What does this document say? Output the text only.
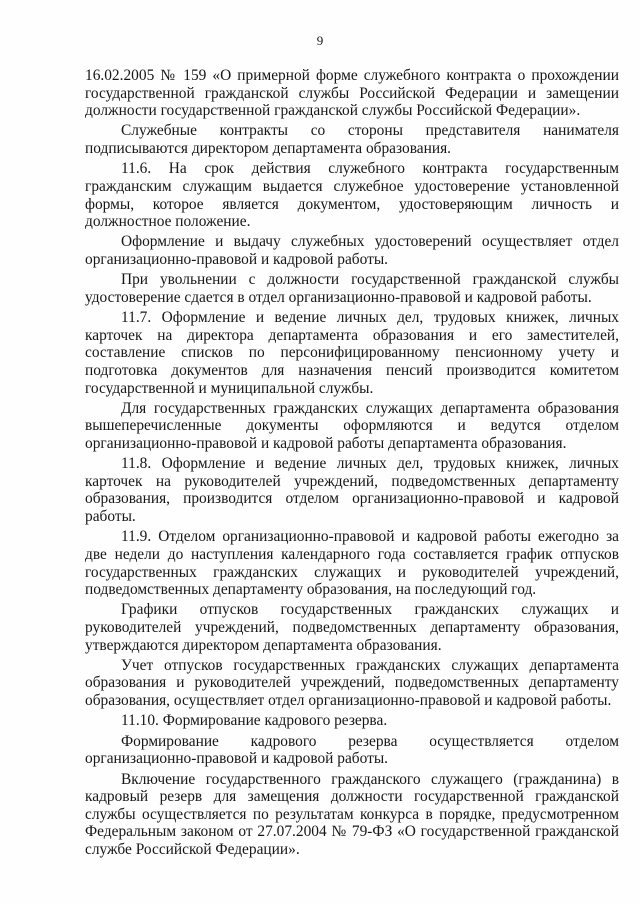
9

16.02.2005 № 159 «О примерной форме служебного контракта о прохождении государственной гражданской службы Российской Федерации и замещении должности государственной гражданской службы Российской Федерации».

Служебные контракты со стороны представителя нанимателя подписываются директором департамента образования.

11.6. На срок действия служебного контракта государственным гражданским служащим выдается служебное удостоверение установленной формы, которое является документом, удостоверяющим личность и должностное положение.

Оформление и выдачу служебных удостоверений осуществляет отдел организационно-правовой и кадровой работы.

При увольнении с должности государственной гражданской службы удостоверение сдается в отдел организационно-правовой и кадровой работы.

11.7. Оформление и ведение личных дел, трудовых книжек, личных карточек на директора департамента образования и его заместителей, составление списков по персонифицированному пенсионному учету и подготовка документов для назначения пенсий производится комитетом государственной и муниципальной службы.

Для государственных гражданских служащих департамента образования вышеперечисленные документы оформляются и ведутся отделом организационно-правовой и кадровой работы департамента образования.

11.8. Оформление и ведение личных дел, трудовых книжек, личных карточек на руководителей учреждений, подведомственных департаменту образования, производится отделом организационно-правовой и кадровой работы.

11.9. Отделом организационно-правовой и кадровой работы ежегодно за две недели до наступления календарного года составляется график отпусков государственных гражданских служащих и руководителей учреждений, подведомственных департаменту образования, на последующий год.

Графики отпусков государственных гражданских служащих и руководителей учреждений, подведомственных департаменту образования, утверждаются директором департамента образования.

Учет отпусков государственных гражданских служащих департамента образования и руководителей учреждений, подведомственных департаменту образования, осуществляет отдел организационно-правовой и кадровой работы.

11.10. Формирование кадрового резерва.

Формирование кадрового резерва осуществляется отделом организационно-правовой и кадровой работы.

Включение государственного гражданского служащего (гражданина) в кадровый резерв для замещения должности государственной гражданской службы осуществляется по результатам конкурса в порядке, предусмотренном Федеральным законом от 27.07.2004 № 79-ФЗ «О государственной гражданской службе Российской Федерации».
